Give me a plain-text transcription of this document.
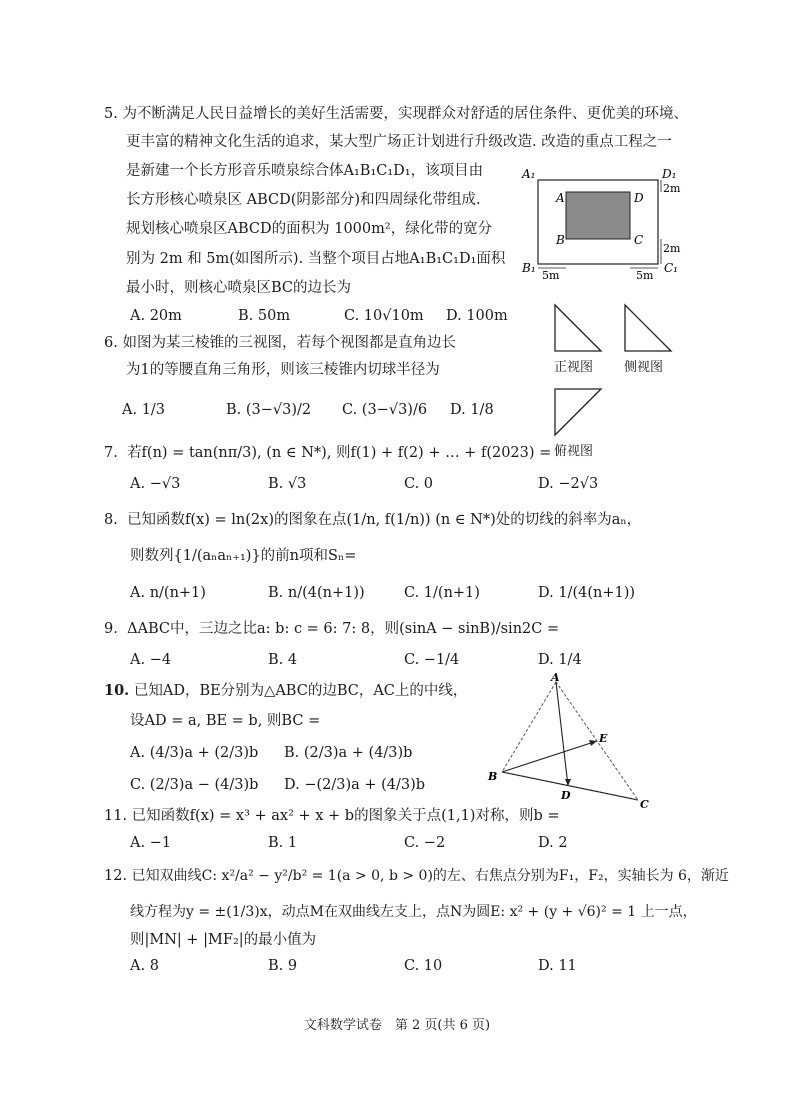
5. 为不断满足人民日益增长的美好生活需要，实现群众对舒适的居住条件、更优美的环境、
更丰富的精神文化生活的追求，某大型广场正计划进行升级改造. 改造的重点工程之一
是新建一个长方形音乐喷泉综合体A₁B₁C₁D₁，该项目由
长方形核心喷泉区 ABCD(阴影部分)和四周绿化带组成.
规划核心喷泉区ABCD的面积为 1000m²，绿化带的宽分
别为 2m 和 5m(如图所示). 当整个项目占地A₁B₁C₁D₁面积
最小时，则核心喷泉区BC的边长为
A₁	D₁
B₁	C₁
A	D
B	C
2m
2m
5m	5m
A. 20m	B. 50m	C. 10√10m D. 100m
6. 如图为某三棱锥的三视图，若每个视图都是直角边长
为1的等腰直角三角形，则该三棱锥内切球半径为
A. 1/3	B. (3−√3)/2 C. (3−√3)/6 D. 1/8
正视图 侧视图
俯视图
7. 若f(n) = tan(nπ/3), (n ∈ N*), 则f(1) + f(2) + … + f(2023) =
A. −√3	B. √3	C. 0	D. −2√3
8. 已知函数f(x) = ln(2x)的图象在点(1/n, f(1/n)) (n ∈ N*)处的切线的斜率为aₙ，
则数列{1/(aₙaₙ₊₁)}的前n项和Sₙ=
A. n/(n+1)	B. n/(4(n+1))	C. 1/(n+1)	D. 1/(4(n+1))
9. ΔABC中，三边之比a: b: c = 6: 7: 8，则(sinA − sinB)/sin2C =
A. −4	B. 4	C. −1/4	D. 1/4
10. 已知AD，BE分别为△ABC的边BC，AC上的中线，
设AD = a, BE = b, 则BC =
A. (4/3)a + (2/3)b B. (2/3)a + (4/3)b
C. (2/3)a − (4/3)b D. −(2/3)a + (4/3)b
A
B
C
D
E
11. 已知函数f(x) = x³ + ax² + x + b的图象关于点(1,1)对称，则b =
A. −1	B. 1	C. −2	D. 2
12. 已知双曲线C: x²/a² − y²/b² = 1(a > 0, b > 0)的左、右焦点分别为F₁，F₂，实轴长为 6，渐近
线方程为y = ±(1/3)x，动点M在双曲线左支上，点N为圆E: x² + (y + √6)² = 1 上一点，
则|MN| + |MF₂|的最小值为
A. 8	B. 9	C. 10	D. 11
文科数学试卷　第 2 页(共 6 页)
